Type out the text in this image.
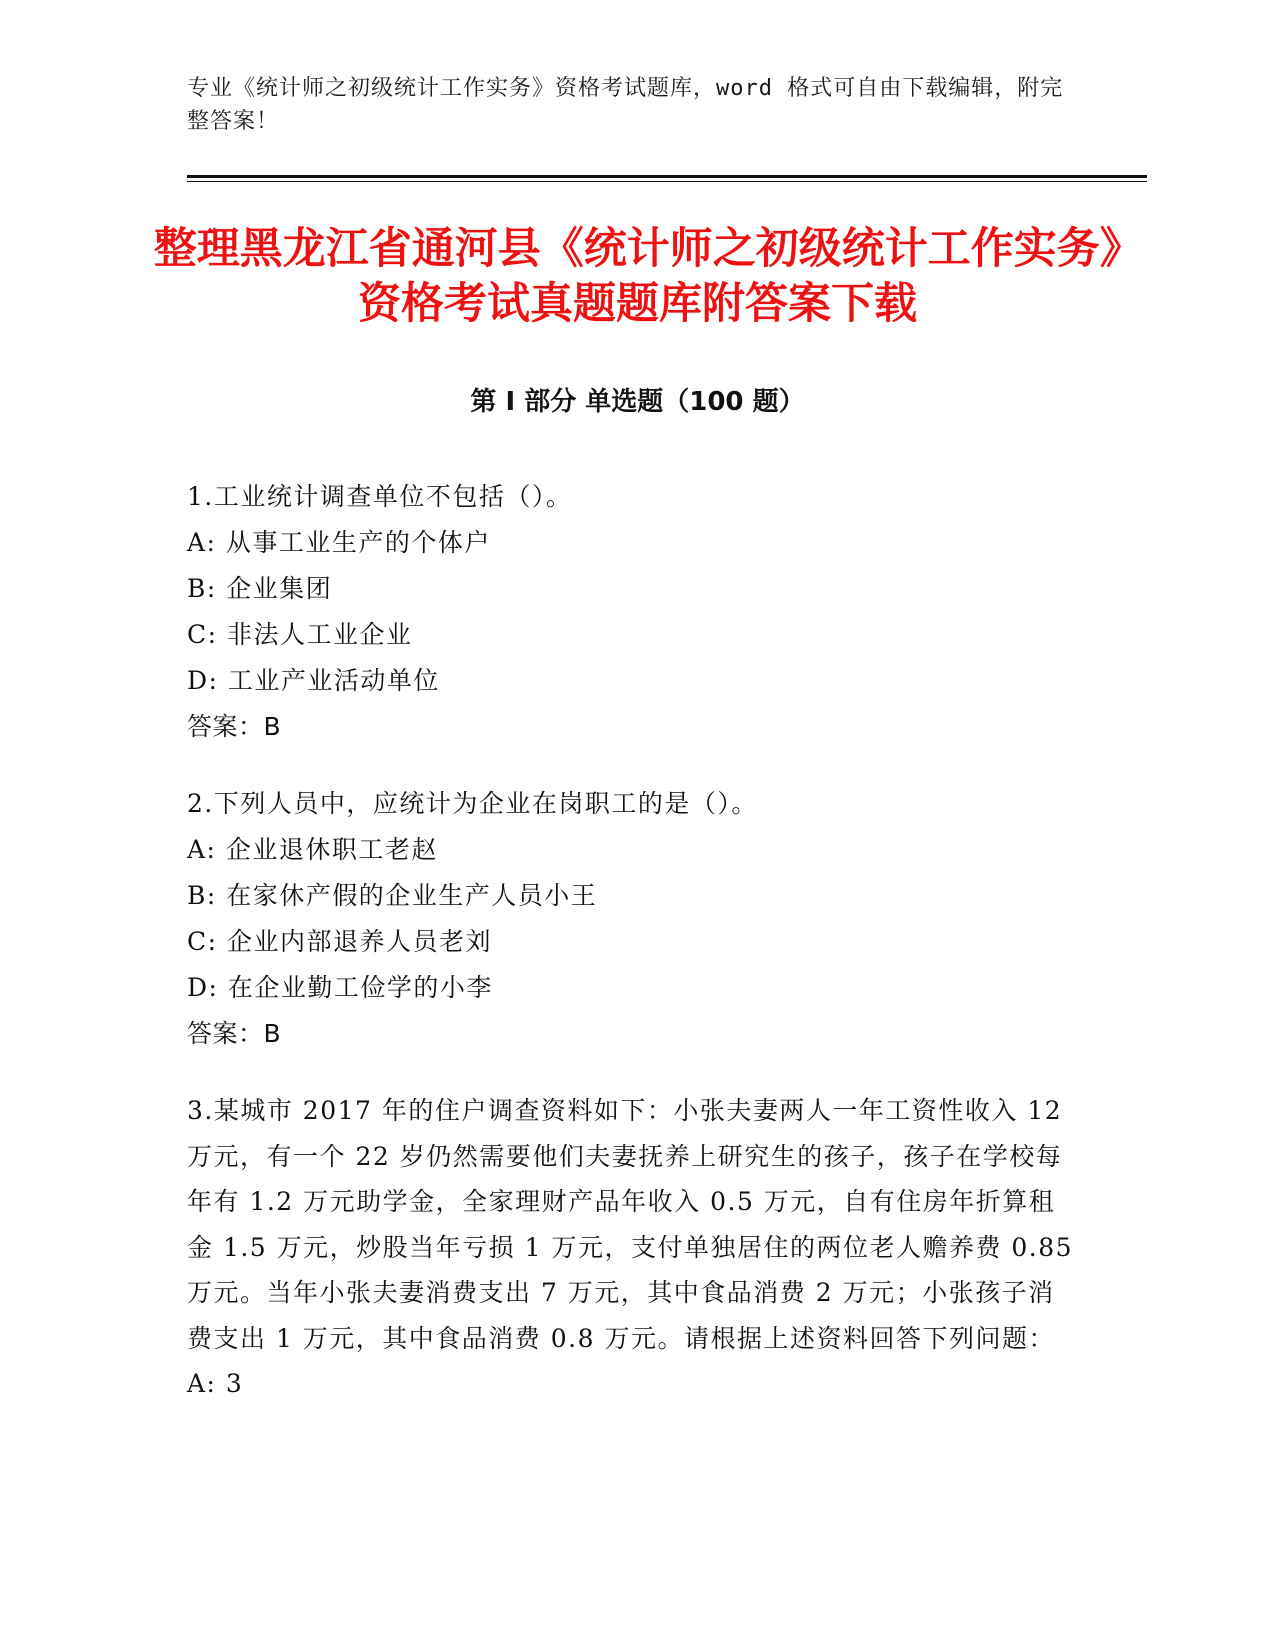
专业《统计师之初级统计工作实务》资格考试题库，word 格式可自由下载编辑，附完整答案！
整理黑龙江省通河县《统计师之初级统计工作实务》资格考试真题题库附答案下载
第 I 部分 单选题（100 题）

1.工业统计调查单位不包括（）。

A: 从事工业生产的个体户

B: 企业集团

C: 非法人工业企业

D: 工业产业活动单位

答案：B

2.下列人员中，应统计为企业在岗职工的是（）。

A: 企业退休职工老赵

B: 在家休产假的企业生产人员小王

C: 企业内部退养人员老刘

D: 在企业勤工俭学的小李

答案：B

3.某城市 2017 年的住户调查资料如下：小张夫妻两人一年工资性收入 12 万元，有一个 22 岁仍然需要他们夫妻抚养上研究生的孩子，孩子在学校每年有 1.2 万元助学金，全家理财产品年收入 0.5 万元，自有住房年折算租金 1.5 万元，炒股当年亏损 1 万元，支付单独居住的两位老人赡养费 0.85 万元。当年小张夫妻消费支出 7 万元，其中食品消费 2 万元；小张孩子消费支出 1 万元，其中食品消费 0.8 万元。请根据上述资料回答下列问题：

A: 3
